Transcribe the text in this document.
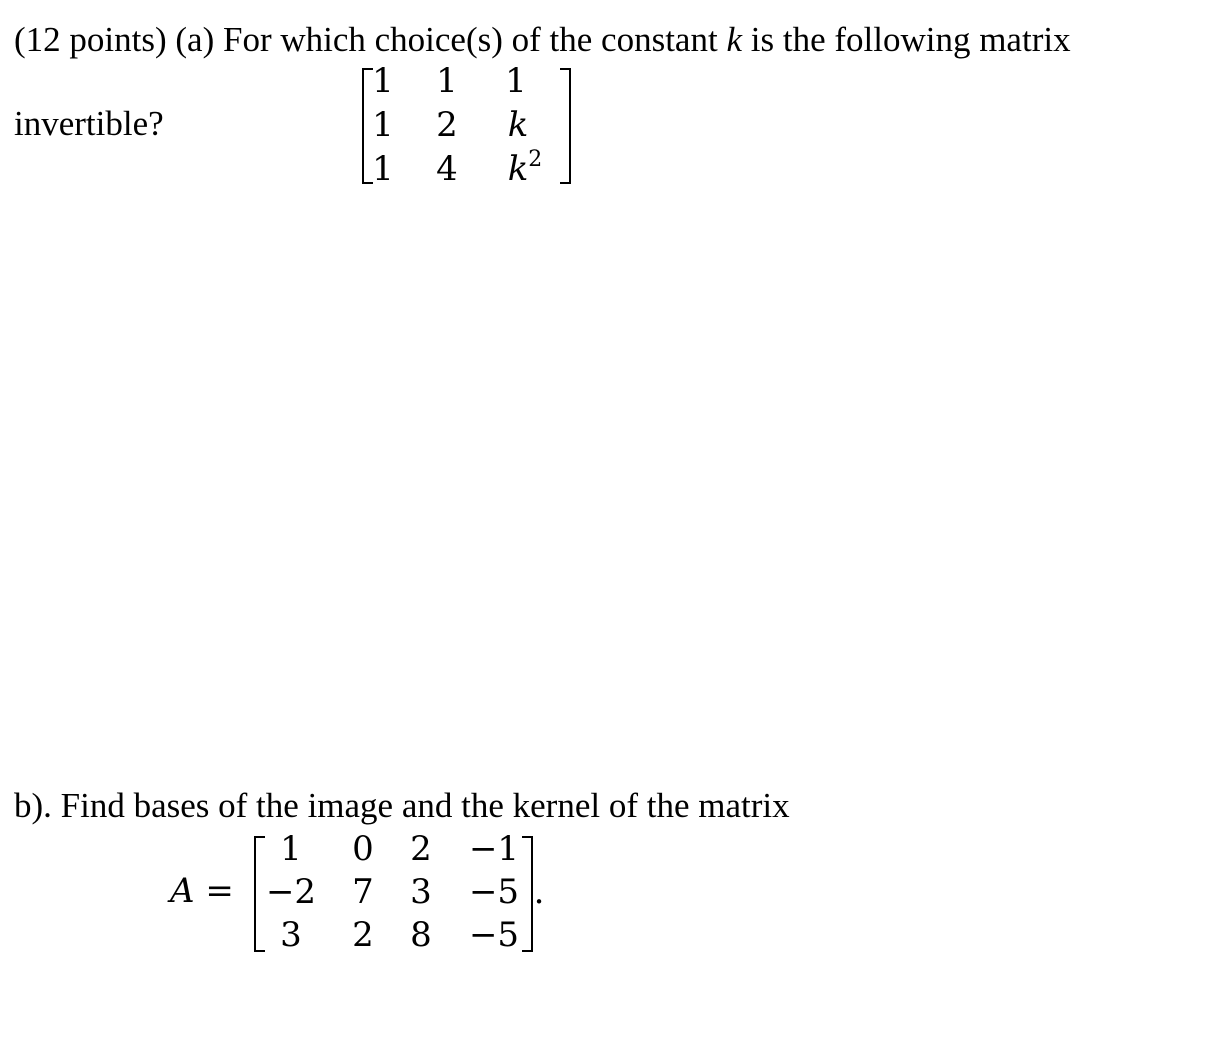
(12 points) (a) For which choice(s) of the constant k is the following matrix
invertible?
1 1 1
1 2 k
1 4 $k^2$
b). Find bases of the image and the kernel of the matrix
A =
1	0 2 −1
−2 7 3 −5
3	2 8 −5
.
